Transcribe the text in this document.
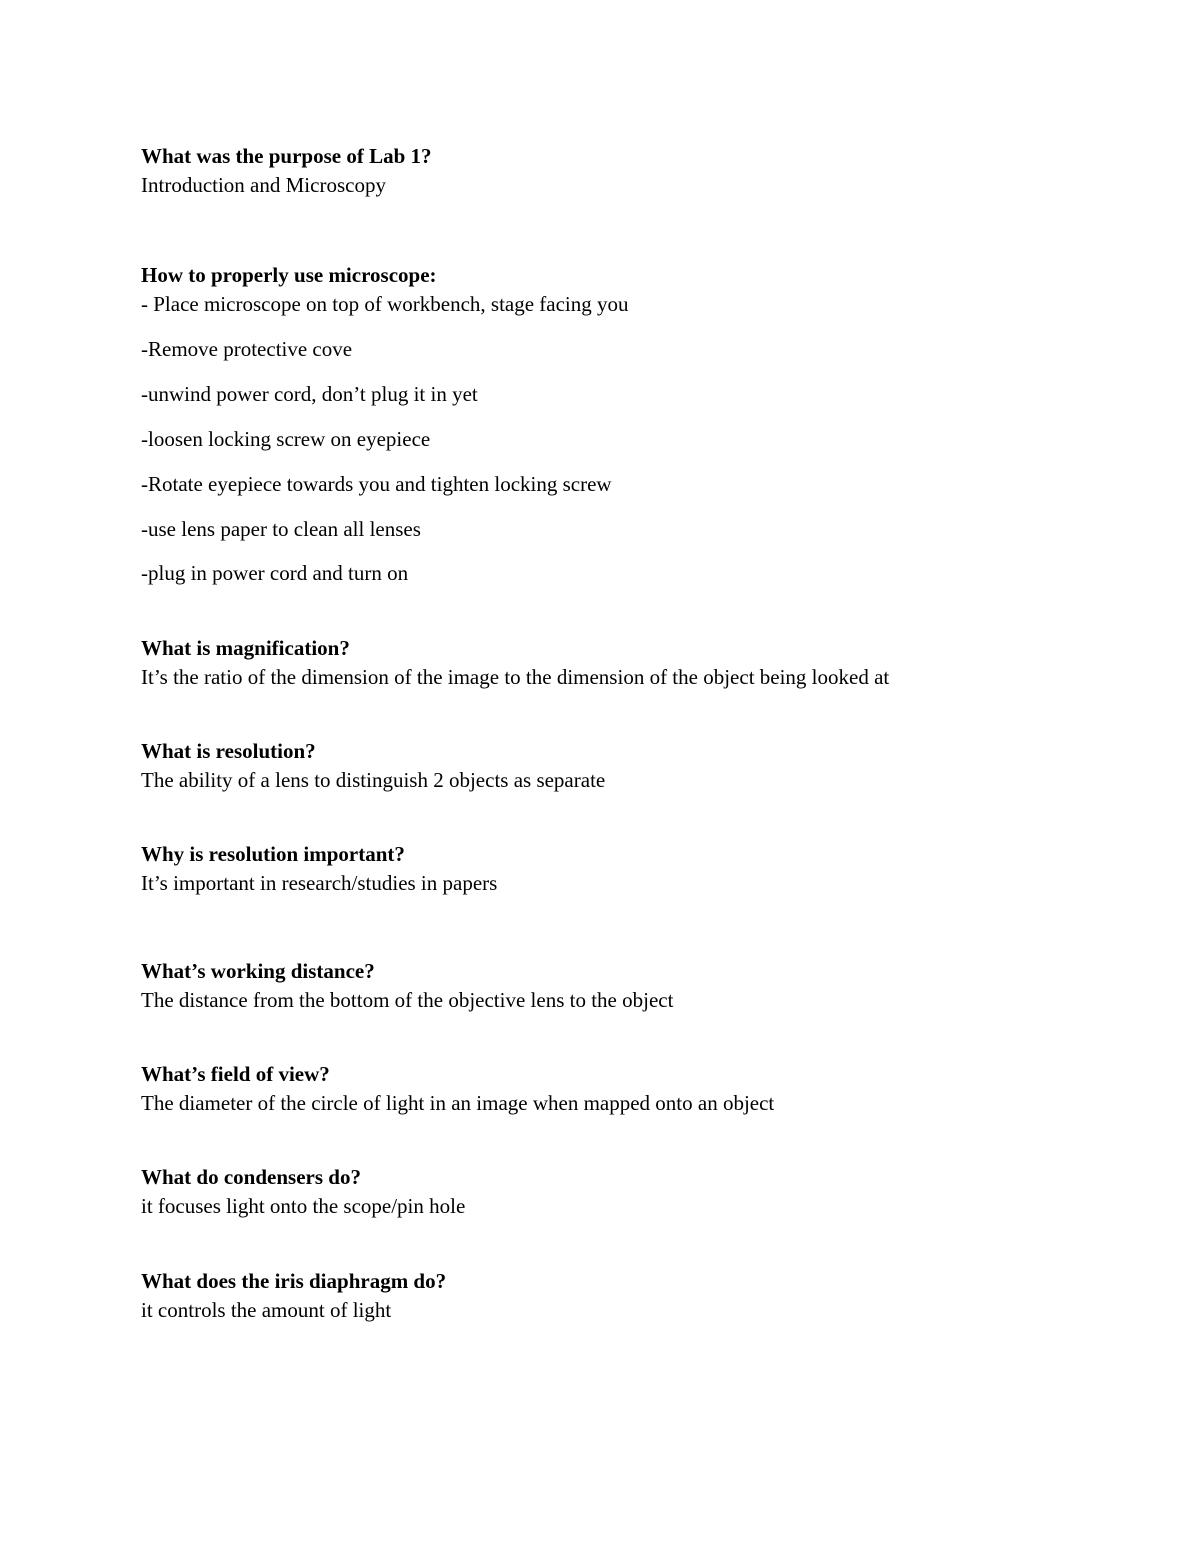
What was the purpose of Lab 1?
Introduction and Microscopy
How to properly use microscope:
- Place microscope on top of workbench, stage facing you
-Remove protective cove
-unwind power cord, don’t plug it in yet
-loosen locking screw on eyepiece
-Rotate eyepiece towards you and tighten locking screw
-use lens paper to clean all lenses
-plug in power cord and turn on
What is magnification?
It’s the ratio of the dimension of the image to the dimension of the object being looked at
What is resolution?
The ability of a lens to distinguish 2 objects as separate
Why is resolution important?
It’s important in research/studies in papers
What’s working distance?
The distance from the bottom of the objective lens to the object
What’s field of view?
The diameter of the circle of light in an image when mapped onto an object
What do condensers do?
it focuses light onto the scope/pin hole
What does the iris diaphragm do?
it controls the amount of light
